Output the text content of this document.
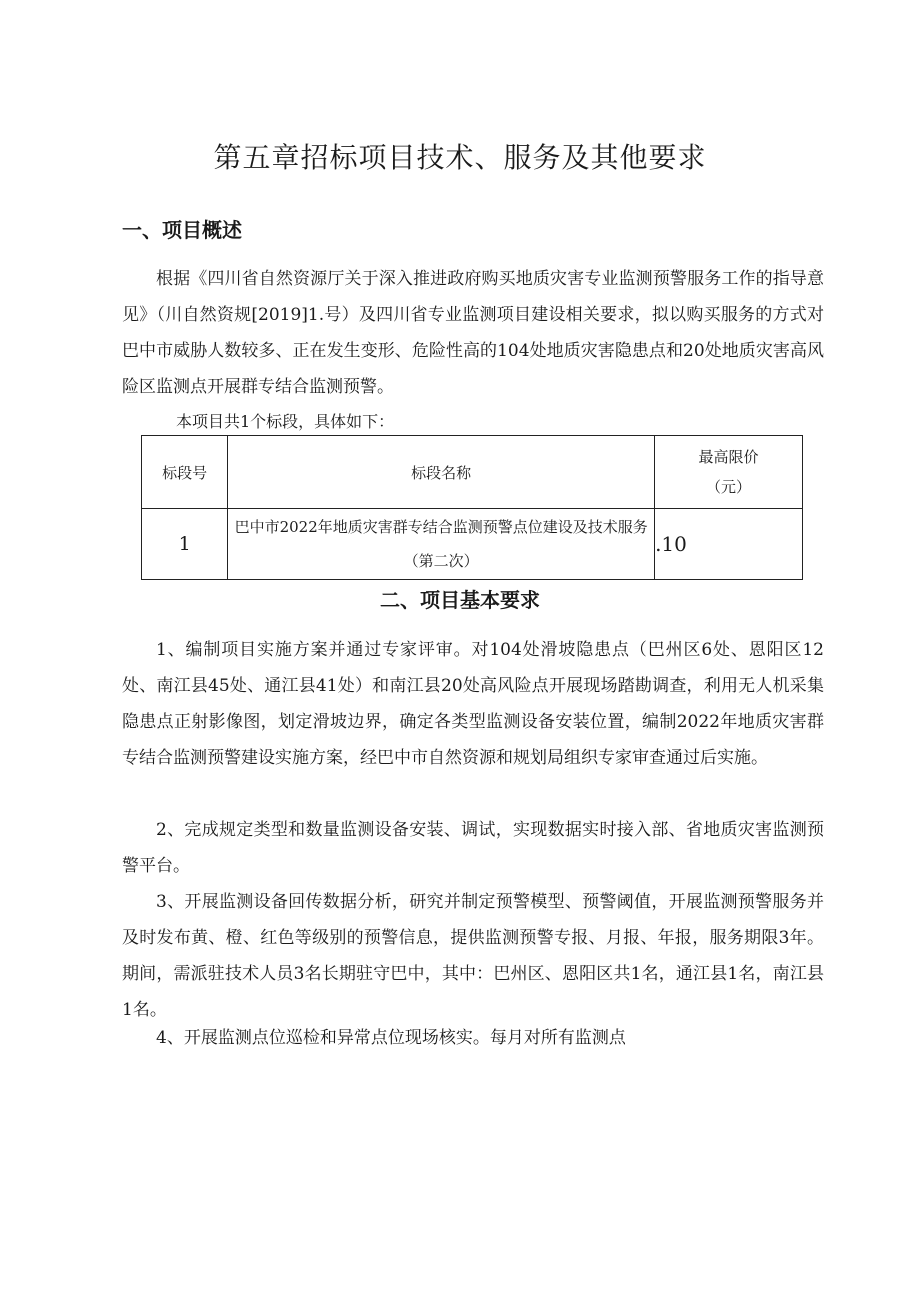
第五章招标项目技术、服务及其他要求
一、项目概述
根据《四川省自然资源厅关于深入推进政府购买地质灾害专业监测预警服务工作的指导意见》（川自然资规[2019]1.号）及四川省专业监测项目建设相关要求，拟以购买服务的方式对巴中市威胁人数较多、正在发生变形、危险性高的104处地质灾害隐患点和20处地质灾害高风险区监测点开展群专结合监测预警。
本项目共1个标段，具体如下：
标段号	标段名称	最高限价
（元）

1	巴中市2022年地质灾害群专结合监测预警点位建设及技术服务（第二次）	.10
二、项目基本要求
1、编制项目实施方案并通过专家评审。对104处滑坡隐患点（巴州区6处、恩阳区12处、南江县45处、通江县41处）和南江县20处高风险点开展现场踏勘调查，利用无人机采集隐患点正射影像图，划定滑坡边界，确定各类型监测设备安装位置，编制2022年地质灾害群专结合监测预警建设实施方案，经巴中市自然资源和规划局组织专家审查通过后实施。
2、完成规定类型和数量监测设备安装、调试，实现数据实时接入部、省地质灾害监测预警平台。
3、开展监测设备回传数据分析，研究并制定预警模型、预警阈值，开展监测预警服务并及时发布黄、橙、红色等级别的预警信息，提供监测预警专报、月报、年报，服务期限3年。期间，需派驻技术人员3名长期驻守巴中，其中：巴州区、恩阳区共1名，通江县1名，南江县1名。
4、开展监测点位巡检和异常点位现场核实。每月对所有监测点
